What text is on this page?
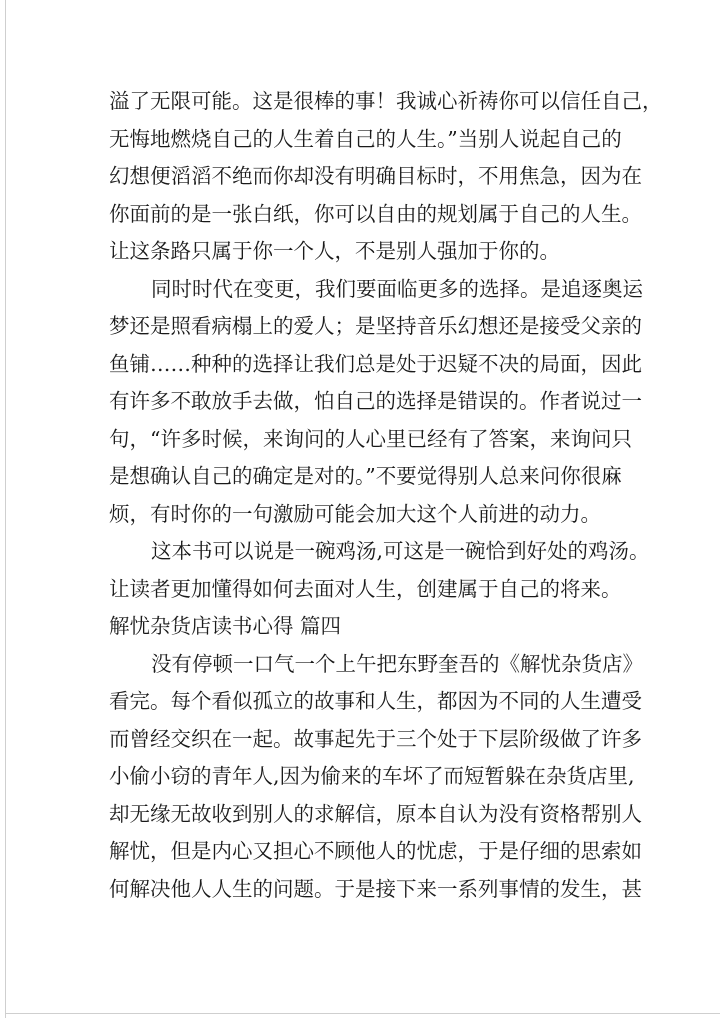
溢了无限可能。这是很棒的事！我诚心祈祷你可以信任自己，
无悔地燃烧自己的人生着自己的人生。”当别人说起自己的
幻想便滔滔不绝而你却没有明确目标时，不用焦急，因为在
你面前的是一张白纸，你可以自由的规划属于自己的人生。
让这条路只属于你一个人，不是别人强加于你的。
同时时代在变更，我们要面临更多的选择。是追逐奥运
梦还是照看病榻上的爱人；是坚持音乐幻想还是接受父亲的
鱼铺……种种的选择让我们总是处于迟疑不决的局面，因此
有许多不敢放手去做，怕自己的选择是错误的。作者说过一
句，“许多时候，来询问的人心里已经有了答案，来询问只
是想确认自己的确定是对的。”不要觉得别人总来问你很麻
烦，有时你的一句激励可能会加大这个人前进的动力。
这本书可以说是一碗鸡汤,可这是一碗恰到好处的鸡汤。
让读者更加懂得如何去面对人生，创建属于自己的将来。
解忧杂货店读书心得 篇四
没有停顿一口气一个上午把东野奎吾的《解忧杂货店》
看完。每个看似孤立的故事和人生，都因为不同的人生遭受
而曾经交织在一起。故事起先于三个处于下层阶级做了许多
小偷小窃的青年人,因为偷来的车坏了而短暂躲在杂货店里,
却无缘无故收到别人的求解信，原本自认为没有资格帮别人
解忧，但是内心又担心不顾他人的忧虑，于是仔细的思索如
何解决他人人生的问题。于是接下来一系列事情的发生，甚
